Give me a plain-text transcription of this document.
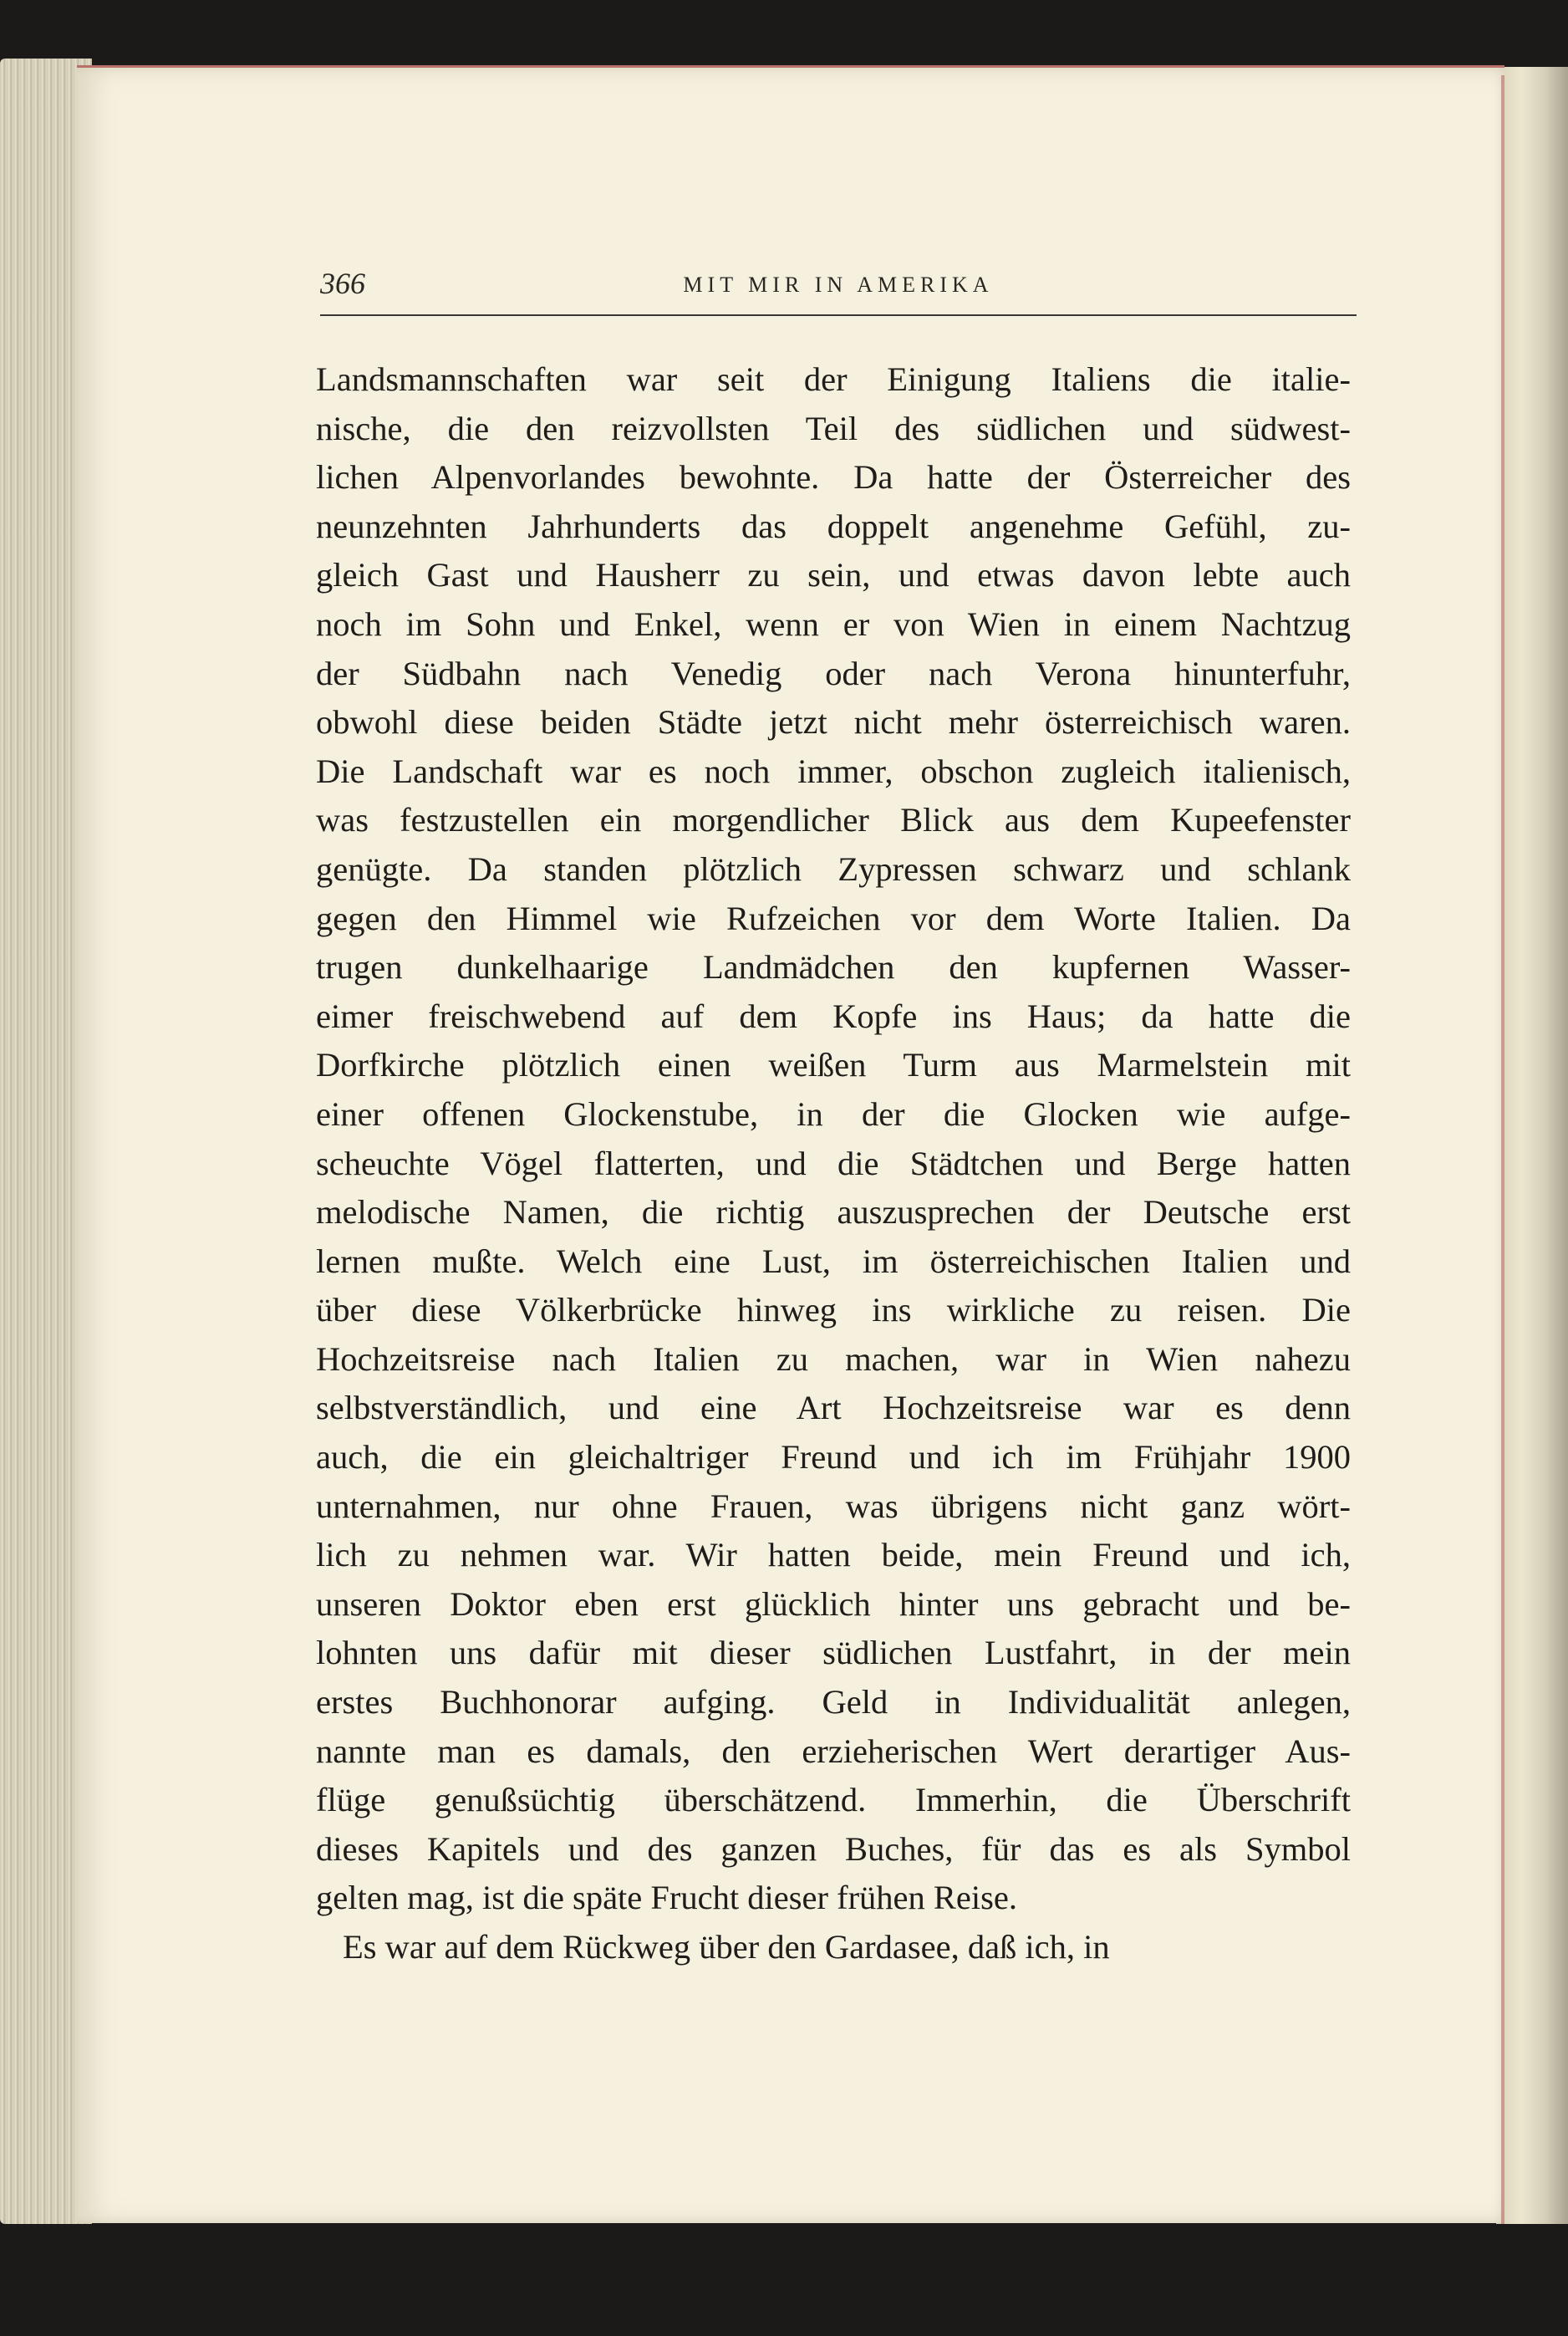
366	MIT MIR IN AMERIKA
Landsmannschaften war seit der Einigung Italiens die italie-
nische, die den reizvollsten Teil des südlichen und südwest-
lichen Alpenvorlandes bewohnte. Da hatte der Österreicher des
neunzehnten Jahrhunderts das doppelt angenehme Gefühl, zu-
gleich Gast und Hausherr zu sein, und etwas davon lebte auch
noch im Sohn und Enkel, wenn er von Wien in einem Nachtzug
der Südbahn nach Venedig oder nach Verona hinunterfuhr,
obwohl diese beiden Städte jetzt nicht mehr österreichisch waren.
Die Landschaft war es noch immer, obschon zugleich italienisch,
was festzustellen ein morgendlicher Blick aus dem Kupeefenster
genügte. Da standen plötzlich Zypressen schwarz und schlank
gegen den Himmel wie Rufzeichen vor dem Worte Italien. Da
trugen dunkelhaarige Landmädchen den kupfernen Wasser-
eimer freischwebend auf dem Kopfe ins Haus; da hatte die
Dorfkirche plötzlich einen weißen Turm aus Marmelstein mit
einer offenen Glockenstube, in der die Glocken wie aufge-
scheuchte Vögel flatterten, und die Städtchen und Berge hatten
melodische Namen, die richtig auszusprechen der Deutsche erst
lernen mußte. Welch eine Lust, im österreichischen Italien und
über diese Völkerbrücke hinweg ins wirkliche zu reisen. Die
Hochzeitsreise nach Italien zu machen, war in Wien nahezu
selbstverständlich, und eine Art Hochzeitsreise war es denn
auch, die ein gleichaltriger Freund und ich im Frühjahr 1900
unternahmen, nur ohne Frauen, was übrigens nicht ganz wört-
lich zu nehmen war. Wir hatten beide, mein Freund und ich,
unseren Doktor eben erst glücklich hinter uns gebracht und be-
lohnten uns dafür mit dieser südlichen Lustfahrt, in der mein
erstes Buchhonorar aufging. Geld in Individualität anlegen,
nannte man es damals, den erzieherischen Wert derartiger Aus-
flüge genußsüchtig überschätzend. Immerhin, die Überschrift
dieses Kapitels und des ganzen Buches, für das es als Symbol
gelten mag, ist die späte Frucht dieser frühen Reise.
Es war auf dem Rückweg über den Gardasee, daß ich, in
